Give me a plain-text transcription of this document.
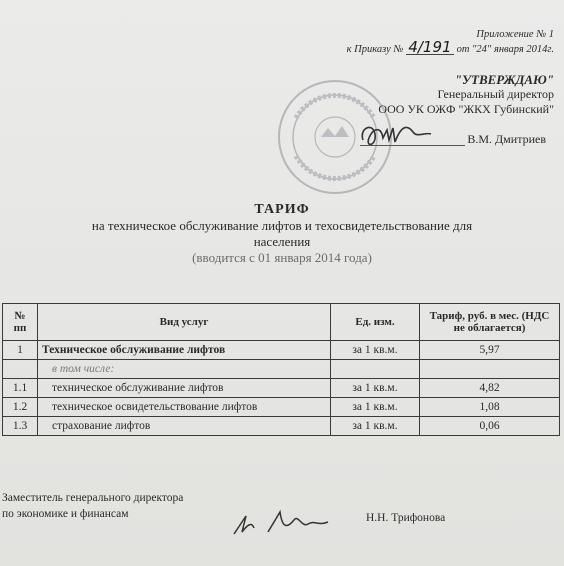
Приложение № 1
к Приказу № 4/191 от "24" января 2014г.
"УТВЕРЖДАЮ"
Генеральный директор
ООО УК ОЖФ "ЖКХ Губинский"
В.М. Дмитриев
ТАРИФ
на техническое обслуживание лифтов и техосвидетельствование для
населения
(вводится с 01 января 2014 года)
№ пп	Вид услуг	Ед. изм.	Тариф, руб. в мес. (НДС не облагается)
1	Техническое обслуживание лифтов	за 1 кв.м.	5,97
	в том числе:		
1.1	техническое обслуживание лифтов	за 1 кв.м.	4,82
1.2	техническое освидетельствование лифтов	за 1 кв.м.	1,08
1.3	страхование лифтов	за 1 кв.м.	0,06
Заместитель генерального директора
по экономике и финансам	Н.Н. Трифонова
